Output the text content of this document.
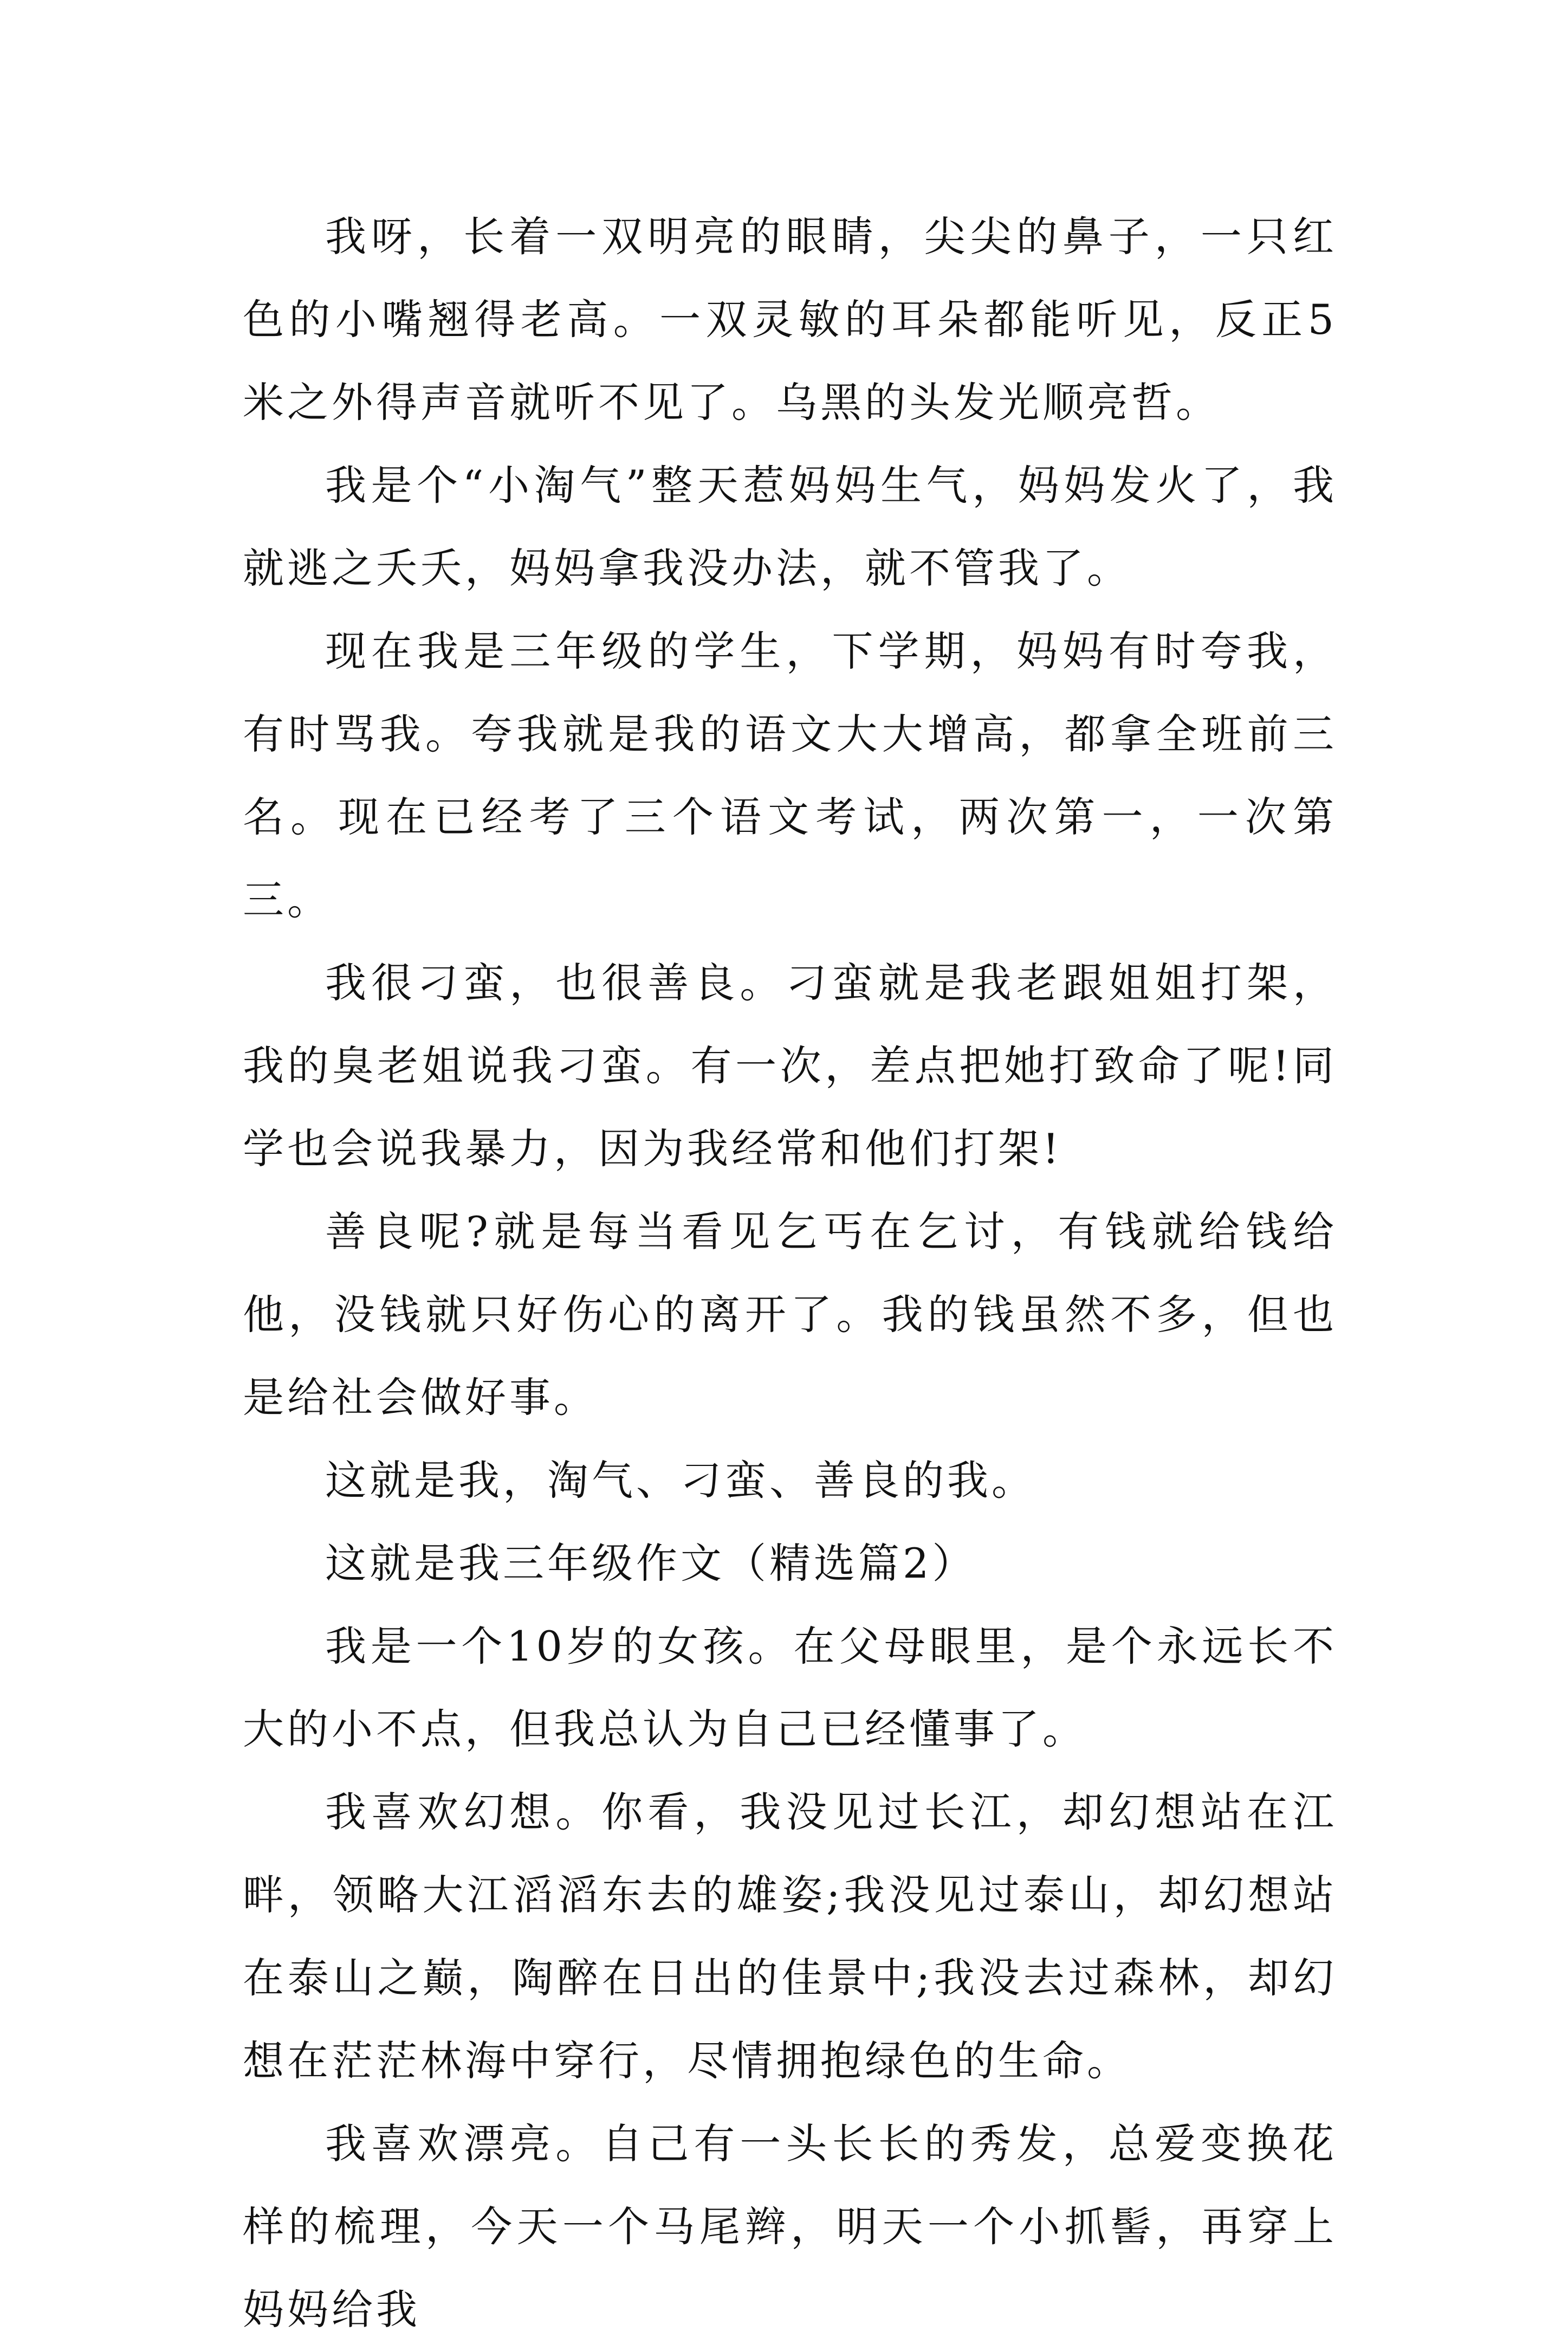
我呀，长着一双明亮的眼睛，尖尖的鼻子，一只红色的小嘴翘得老高。一双灵敏的耳朵都能听见，反正5米之外得声音就听不见了。乌黑的头发光顺亮哲。

我是个“小淘气”整天惹妈妈生气，妈妈发火了，我就逃之夭夭，妈妈拿我没办法，就不管我了。

现在我是三年级的学生，下学期，妈妈有时夸我，有时骂我。夸我就是我的语文大大增高，都拿全班前三名。现在已经考了三个语文考试，两次第一，一次第三。

我很刁蛮，也很善良。刁蛮就是我老跟姐姐打架，我的臭老姐说我刁蛮。有一次，差点把她打致命了呢!同学也会说我暴力，因为我经常和他们打架!

善良呢?就是每当看见乞丐在乞讨，有钱就给钱给他，没钱就只好伤心的离开了。我的钱虽然不多，但也是给社会做好事。

这就是我，淘气、刁蛮、善良的我。

这就是我三年级作文（精选篇2）

我是一个10岁的女孩。在父母眼里，是个永远长不大的小不点，但我总认为自己已经懂事了。

我喜欢幻想。你看，我没见过长江，却幻想站在江畔，领略大江滔滔东去的雄姿;我没见过泰山，却幻想站在泰山之巅，陶醉在日出的佳景中;我没去过森林，却幻想在茫茫林海中穿行，尽情拥抱绿色的生命。

我喜欢漂亮。自己有一头长长的秀发，总爱变换花样的梳理，今天一个马尾辫，明天一个小抓髻，再穿上妈妈给我
